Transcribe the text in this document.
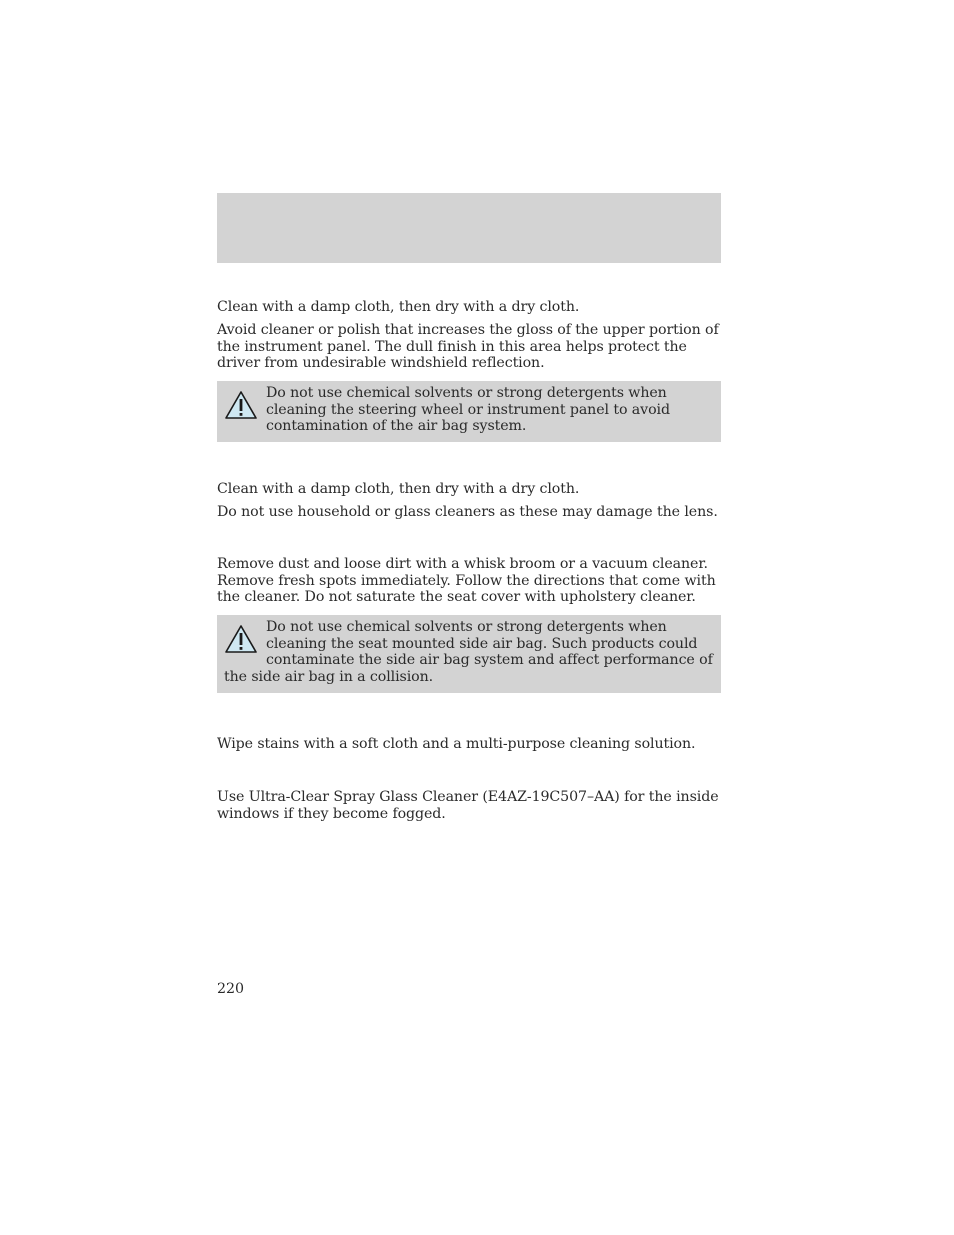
Clean with a damp cloth, then dry with a dry cloth.

Avoid cleaner or polish that increases the gloss of the upper portion of the instrument panel. The dull finish in this area helps protect the driver from undesirable windshield reflection.

Do not use chemical solvents or strong detergents when cleaning the steering wheel or instrument panel to avoid contamination of the air bag system.

Clean with a damp cloth, then dry with a dry cloth.

Do not use household or glass cleaners as these may damage the lens.

Remove dust and loose dirt with a whisk broom or a vacuum cleaner. Remove fresh spots immediately. Follow the directions that come with the cleaner. Do not saturate the seat cover with upholstery cleaner.

Do not use chemical solvents or strong detergents when cleaning the seat mounted side air bag. Such products could contaminate the side air bag system and affect performance of the side air bag in a collision.

Wipe stains with a soft cloth and a multi-purpose cleaning solution.

Use Ultra-Clear Spray Glass Cleaner (E4AZ-19C507–AA) for the inside windows if they become fogged.

220
